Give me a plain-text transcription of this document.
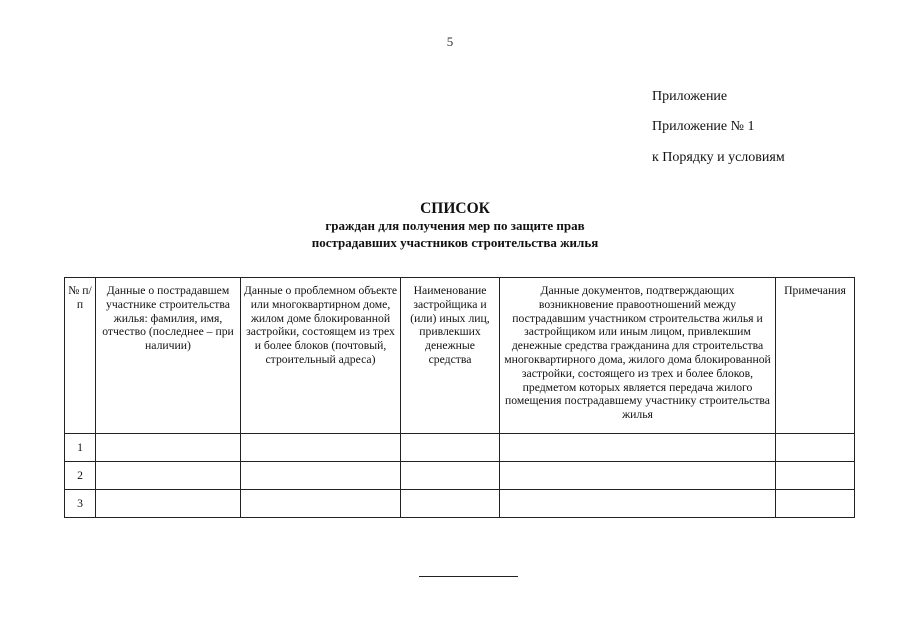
5
Приложение
Приложение № 1
к Порядку и условиям
СПИСОК
граждан для получения мер по защите прав
пострадавших участников строительства жилья
№ п/п	Данные о пострадавшем участнике строительства жилья: фамилия, имя, отчество (последнее – при наличии)	Данные о проблемном объекте или многоквартирном доме, жилом доме блокированной застройки, состоящем из трех и более блоков (почтовый, строительный адреса)	Наименование застройщика и (или) иных лиц, привлекших денежные средства	Данные документов, подтверждающих возникновение правоотношений между пострадавшим участником строительства жилья и застройщиком или иным лицом, привлекшим денежные средства гражданина для строительства многоквартирного дома, жилого дома блокированной застройки, состоящего из трех и более блоков, предметом которых является передача жилого помещения пострадавшему участнику строительства жилья	Примечания
1					
2					
3					
